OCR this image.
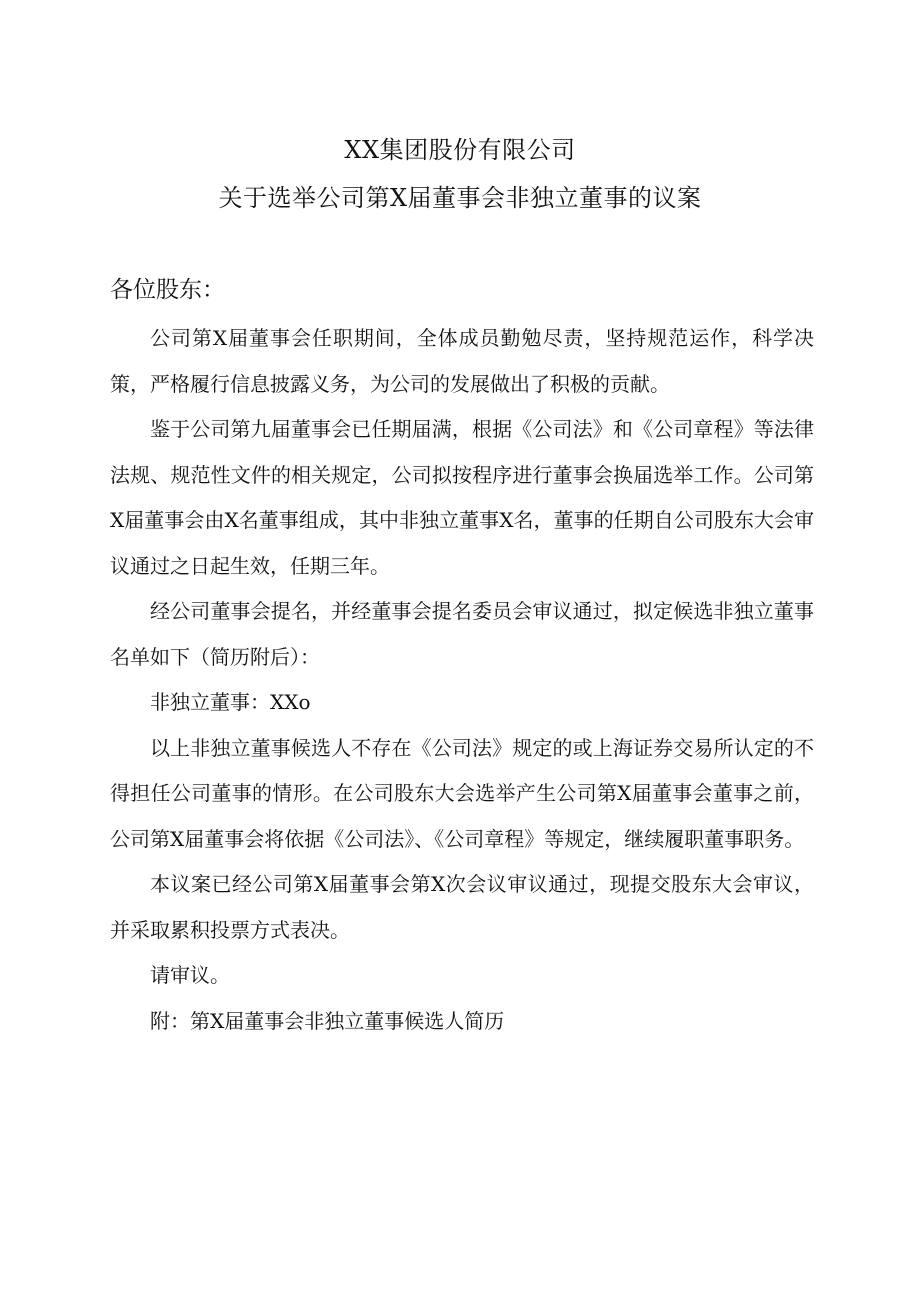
XX集团股份有限公司
关于选举公司第X届董事会非独立董事的议案

各位股东：

公司第X届董事会任职期间，全体成员勤勉尽责，坚持规范运作，科学决策，严格履行信息披露义务，为公司的发展做出了积极的贡献。

鉴于公司第九届董事会已任期届满，根据《公司法》和《公司章程》等法律法规、规范性文件的相关规定，公司拟按程序进行董事会换届选举工作。公司第X届董事会由X名董事组成，其中非独立董事X名，董事的任期自公司股东大会审议通过之日起生效，任期三年。

经公司董事会提名，并经董事会提名委员会审议通过，拟定候选非独立董事名单如下（简历附后）：

非独立董事：XXo

以上非独立董事候选人不存在《公司法》规定的或上海证券交易所认定的不得担任公司董事的情形。在公司股东大会选举产生公司第X届董事会董事之前，公司第X届董事会将依据《公司法》、《公司章程》等规定，继续履职董事职务。

本议案已经公司第X届董事会第X次会议审议通过，现提交股东大会审议，并采取累积投票方式表决。

请审议。

附：第X届董事会非独立董事候选人简历
